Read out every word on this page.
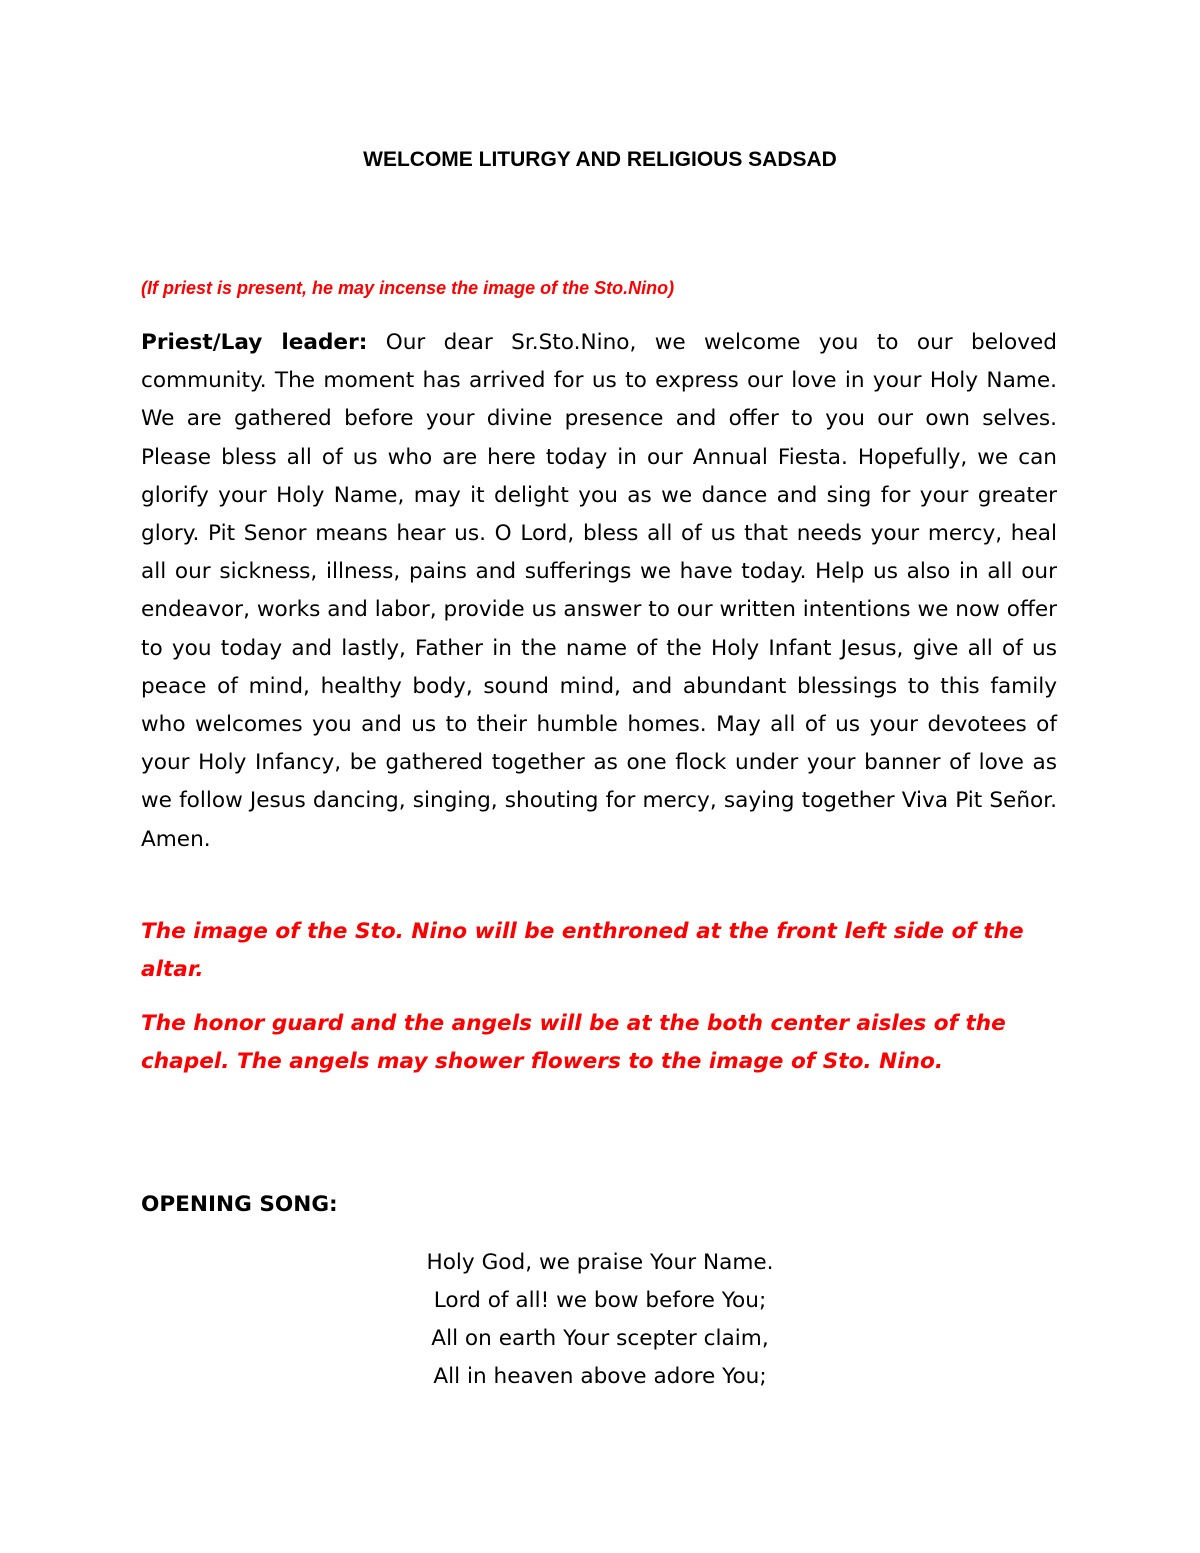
WELCOME LITURGY AND RELIGIOUS SADSAD
(If priest is present, he may incense the image of the Sto.Nino)

Priest/Lay leader: Our dear Sr.Sto.Nino, we welcome you to our beloved community. The moment has arrived for us to express our love in your Holy Name. We are gathered before your divine presence and offer to you our own selves. Please bless all of us who are here today in our Annual Fiesta. Hopefully, we can glorify your Holy Name, may it delight you as we dance and sing for your greater glory. Pit Senor means hear us. O Lord, bless all of us that needs your mercy, heal all our sickness, illness, pains and sufferings we have today. Help us also in all our endeavor, works and labor, provide us answer to our written intentions we now offer to you today and lastly, Father in the name of the Holy Infant Jesus, give all of us peace of mind, healthy body, sound mind, and abundant blessings to this family who welcomes you and us to their humble homes. May all of us your devotees of your Holy Infancy, be gathered together as one flock under your banner of love as we follow Jesus dancing, singing, shouting for mercy, saying together Viva Pit Señor. Amen.

The image of the Sto. Nino will be enthroned at the front left side of the altar.

The honor guard and the angels will be at the both center aisles of the chapel. The angels may shower flowers to the image of Sto. Nino.

OPENING SONG:
Holy God, we praise Your Name.
Lord of all! we bow before You;
All on earth Your scepter claim,
All in heaven above adore You;
